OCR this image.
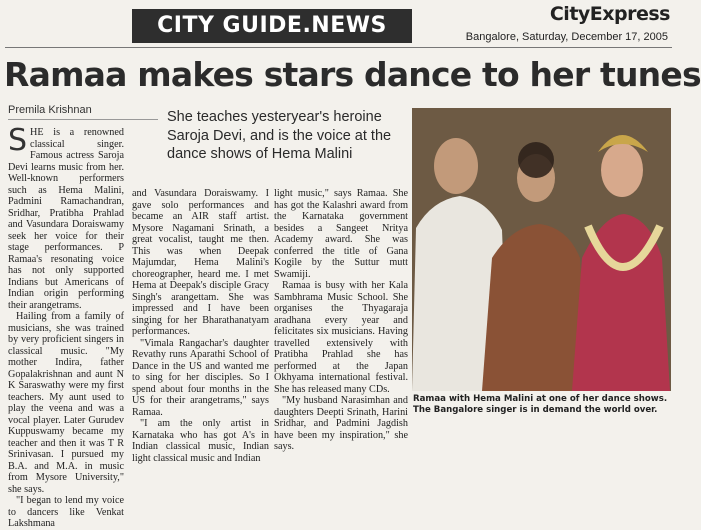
CITY GUIDE.NEWS	CityExpress
Bangalore, Saturday, December 17, 2005
Ramaa makes stars dance to her tunes
Premila Krishnan	She teaches yesteryear's heroine Saroja Devi, and is the voice at the dance shows of Hema Malini

SHE is a renowned classical singer. Famous actress Saroja Devi learns music from her. Well-known performers such as Hema Malini, Padmini Ramachandran, Sridhar, Pratibha Prahlad and Vasundara Doraiswamy seek her voice for their stage performances. P Ramaa's resonating voice has not only supported Indians but Americans of Indian origin performing their arangetrams.

Hailing from a family of musicians, she was trained by very proficient singers in classical music. "My mother Indira, father Gopalakrishnan and aunt N K Saraswathy were my first teachers. My aunt used to play the veena and was a vocal player. Later Gurudev Kuppuswamy became my teacher and then it was T R Srinivasan. I pursued my B.A. and M.A. in music from Mysore University," she says.

"I began to lend my voice to dancers like Venkat Lakshmana

and Vasundara Doraiswamy. I gave solo performances and became an AIR staff artist. Mysore Nagamani Srinath, a great vocalist, taught me then. This was when Deepak Majumdar, Hema Malini's choreographer, heard me. I met Hema at Deepak's disciple Gracy Singh's arangettam. She was impressed and I have been singing for her Bharathanatyam performances.

"Vimala Rangachar's daughter Revathy runs Aparathi School of Dance in the US and wanted me to sing for her disciples. So I spend about four months in the US for their arangetrams," says Ramaa.

"I am the only artist in Karnataka who has got A's in Indian classical music, Indian light classical music and Indian

light music," says Ramaa. She has got the Kalashri award from the Karnataka government besides a Sangeet Nritya Academy award. She was conferred the title of Gana Kogile by the Suttur mutt Swamiji.

Ramaa is busy with her Kala Sambhrama Music School. She organises the Thyagaraja aradhana every year and felicitates six musicians. Having travelled extensively with Pratibha Prahlad she has performed at the Japan Okhyama international festival. She has released many CDs.

"My husband Narasimhan and daughters Deepti Srinath, Harini Sridhar, and Padmini Jagdish have been my inspiration," she says.

Ramaa with Hema Malini at one of her dance shows. The Bangalore singer is in demand the world over.
